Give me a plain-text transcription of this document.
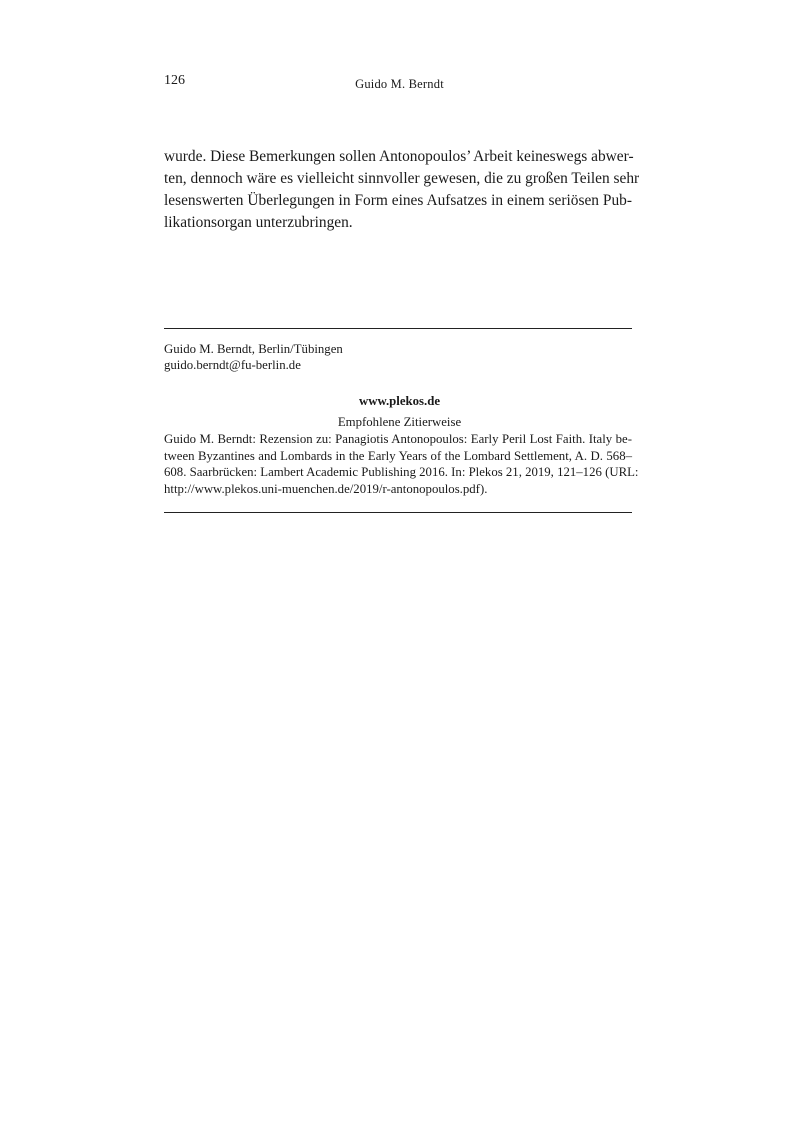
126	Guido M. Berndt
wurde. Diese Bemerkungen sollen Antonopoulos’ Arbeit keineswegs abwer-
ten, dennoch wäre es vielleicht sinnvoller gewesen, die zu großen Teilen sehr
lesenswerten Überlegungen in Form eines Aufsatzes in einem seriösen Pub-
likationsorgan unterzubringen.
Guido M. Berndt, Berlin/Tübingen
guido.berndt@fu-berlin.de
www.plekos.de
Empfohlene Zitierweise
Guido M. Berndt: Rezension zu: Panagiotis Antonopoulos: Early Peril Lost Faith. Italy be-
tween Byzantines and Lombards in the Early Years of the Lombard Settlement, A. D. 568–
608. Saarbrücken: Lambert Academic Publishing 2016. In: Plekos 21, 2019, 121–126 (URL:
http://www.plekos.uni-muenchen.de/2019/r-antonopoulos.pdf).
